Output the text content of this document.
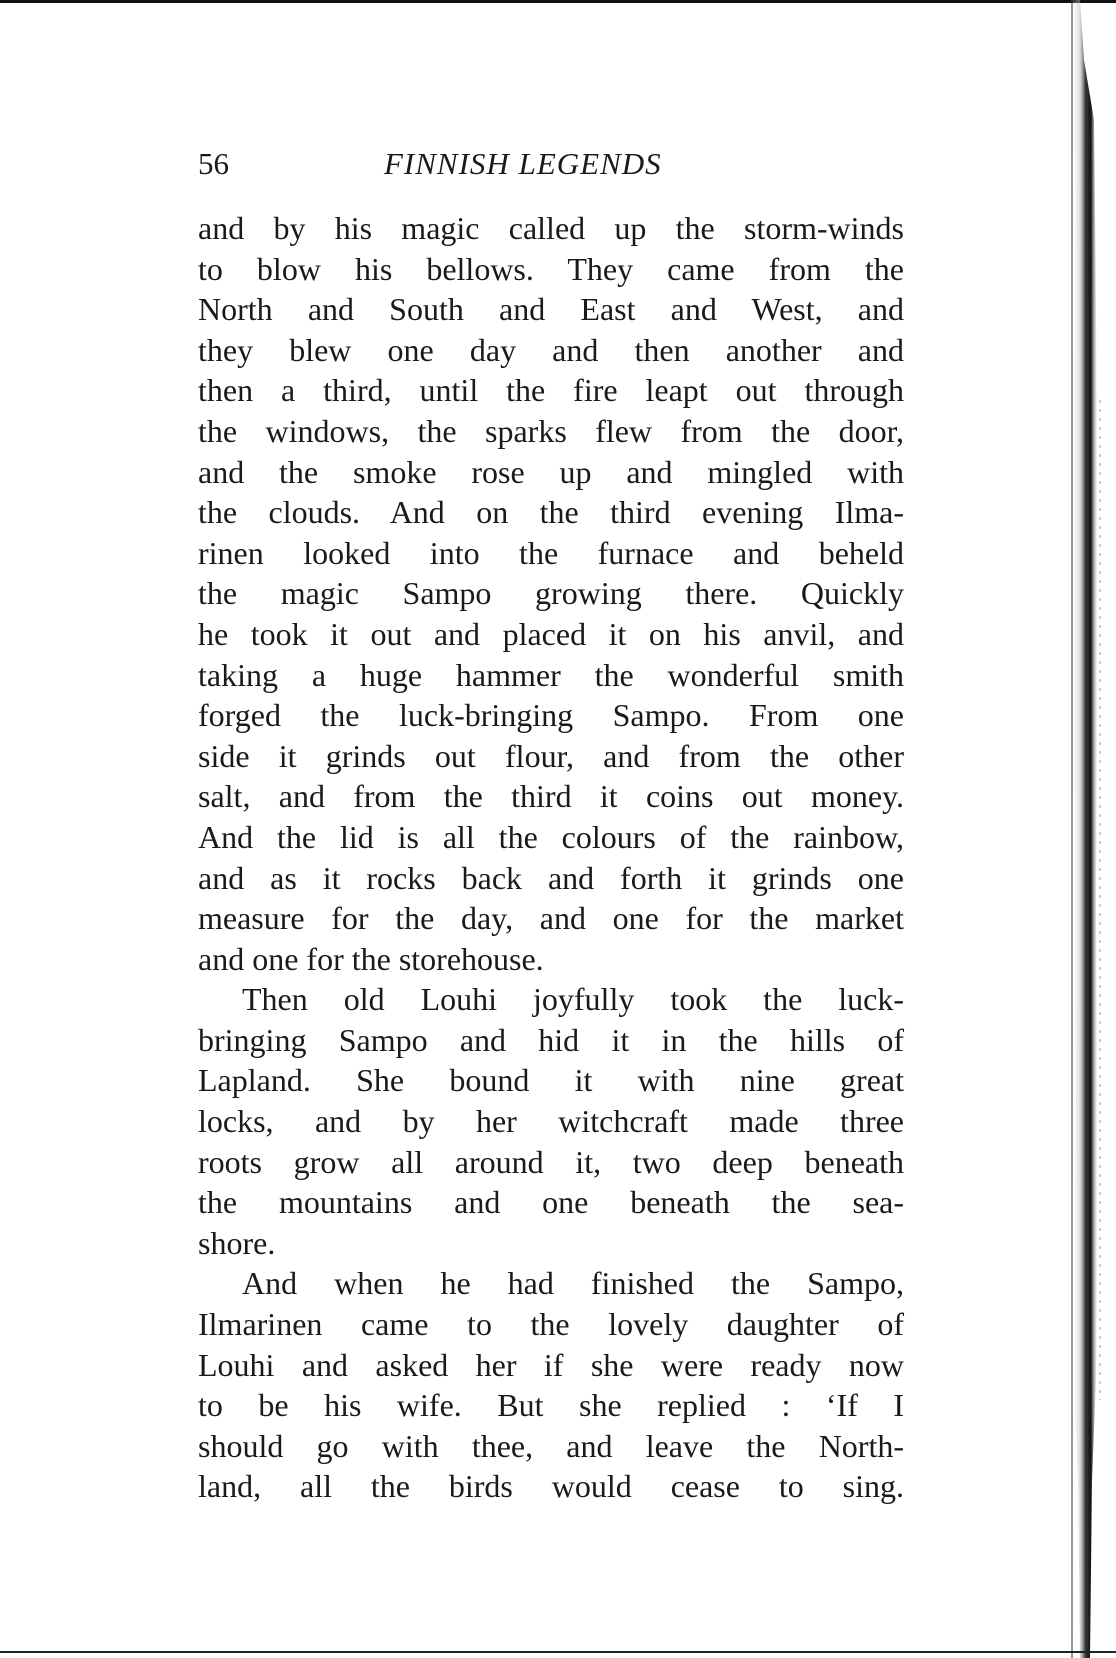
56	FINNISH LEGENDS
and by his magic called up the storm-winds
to blow his bellows. They came from the
North and South and East and West, and
they blew one day and then another and
then a third, until the fire leapt out through
the windows, the sparks flew from the door,
and the smoke rose up and mingled with
the clouds. And on the third evening Ilma-
rinen looked into the furnace and beheld
the magic Sampo growing there. Quickly
he took it out and placed it on his anvil, and
taking a huge hammer the wonderful smith
forged the luck-bringing Sampo. From one
side it grinds out flour, and from the other
salt, and from the third it coins out money.
And the lid is all the colours of the rainbow,
and as it rocks back and forth it grinds one
measure for the day, and one for the market
and one for the storehouse.
Then old Louhi joyfully took the luck-
bringing Sampo and hid it in the hills of
Lapland. She bound it with nine great
locks, and by her witchcraft made three
roots grow all around it, two deep beneath
the mountains and one beneath the sea-
shore.
And when he had finished the Sampo,
Ilmarinen came to the lovely daughter of
Louhi and asked her if she were ready now
to be his wife. But she replied : ‘If I
should go with thee, and leave the North-
land, all the birds would cease to sing.
